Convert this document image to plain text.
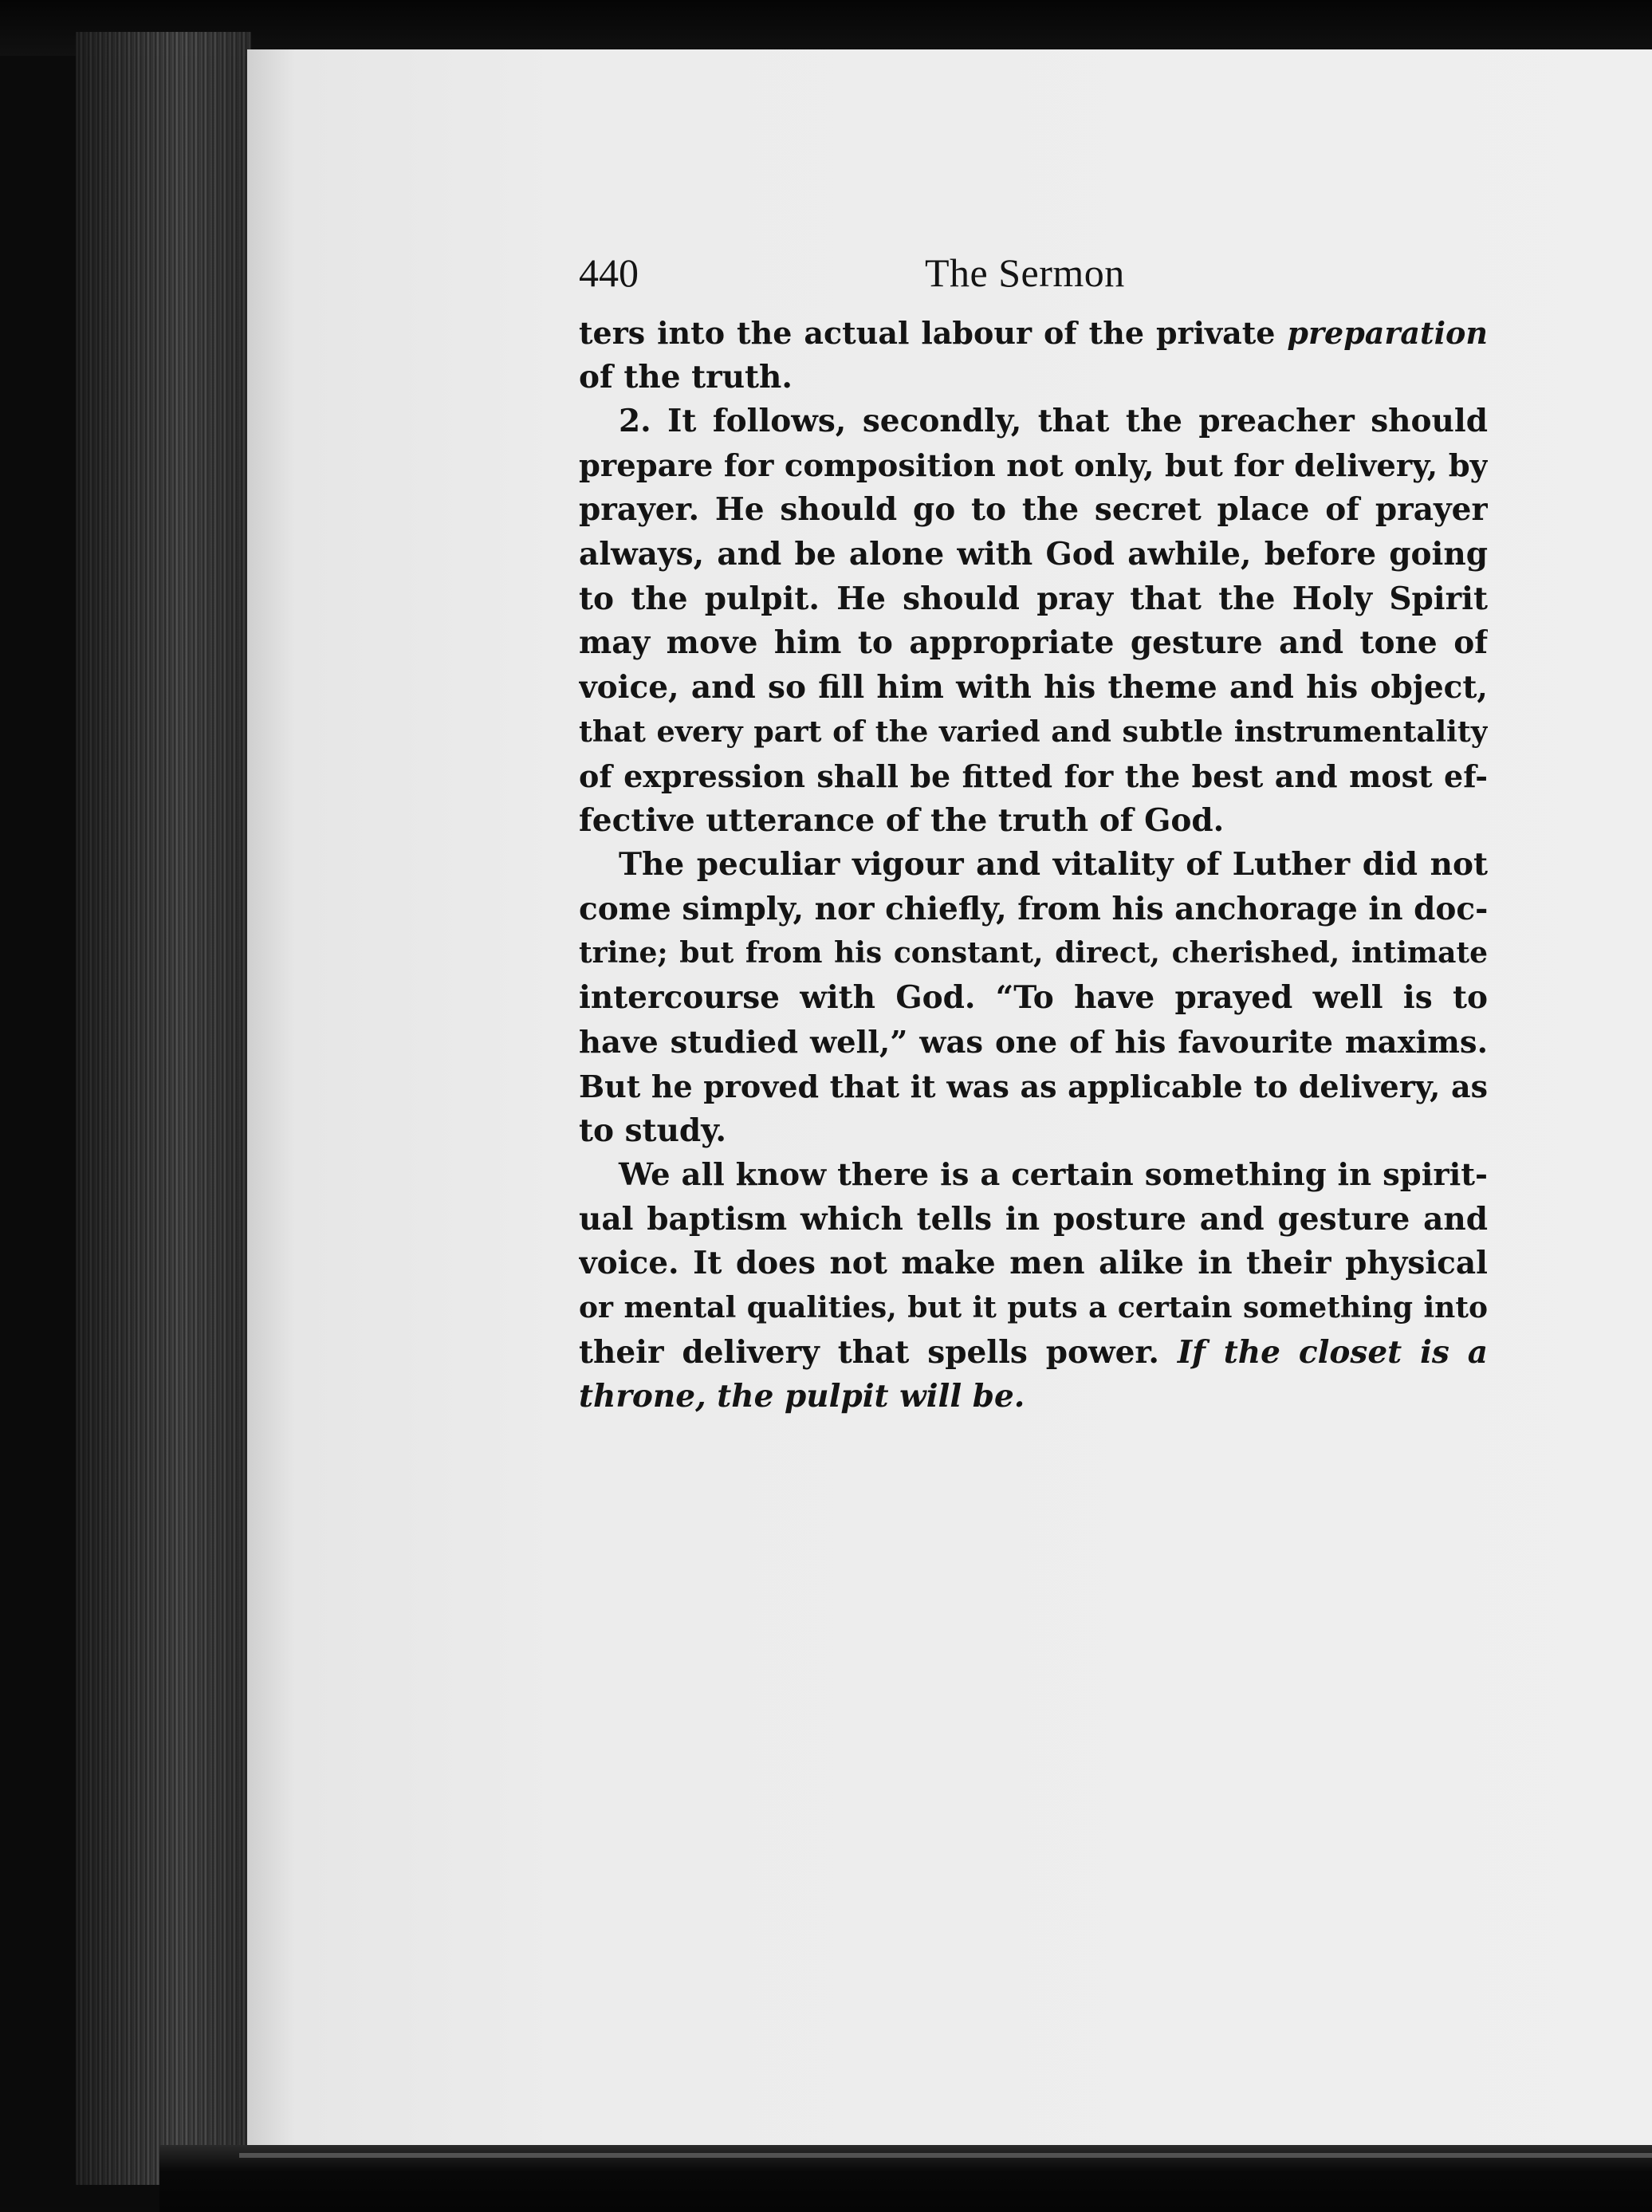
440	The Sermon
ters into the actual labour of the private preparation
of the truth.
2. It follows, secondly, that the preacher should
prepare for composition not only, but for delivery, by
prayer. He should go to the secret place of prayer
always, and be alone with God awhile, before going
to the pulpit. He should pray that the Holy Spirit
may move him to appropriate gesture and tone of
voice, and so fill him with his theme and his object,
that every part of the varied and subtle instrumentality
of expression shall be fitted for the best and most ef-
fective utterance of the truth of God.
The peculiar vigour and vitality of Luther did not
come simply, nor chiefly, from his anchorage in doc-
trine; but from his constant, direct, cherished, intimate
intercourse with God. “To have prayed well is to
have studied well,” was one of his favourite maxims.
But he proved that it was as applicable to delivery, as
to study.
We all know there is a certain something in spirit-
ual baptism which tells in posture and gesture and
voice. It does not make men alike in their physical
or mental qualities, but it puts a certain something into
their delivery that spells power. If the closet is a
throne, the pulpit will be.
